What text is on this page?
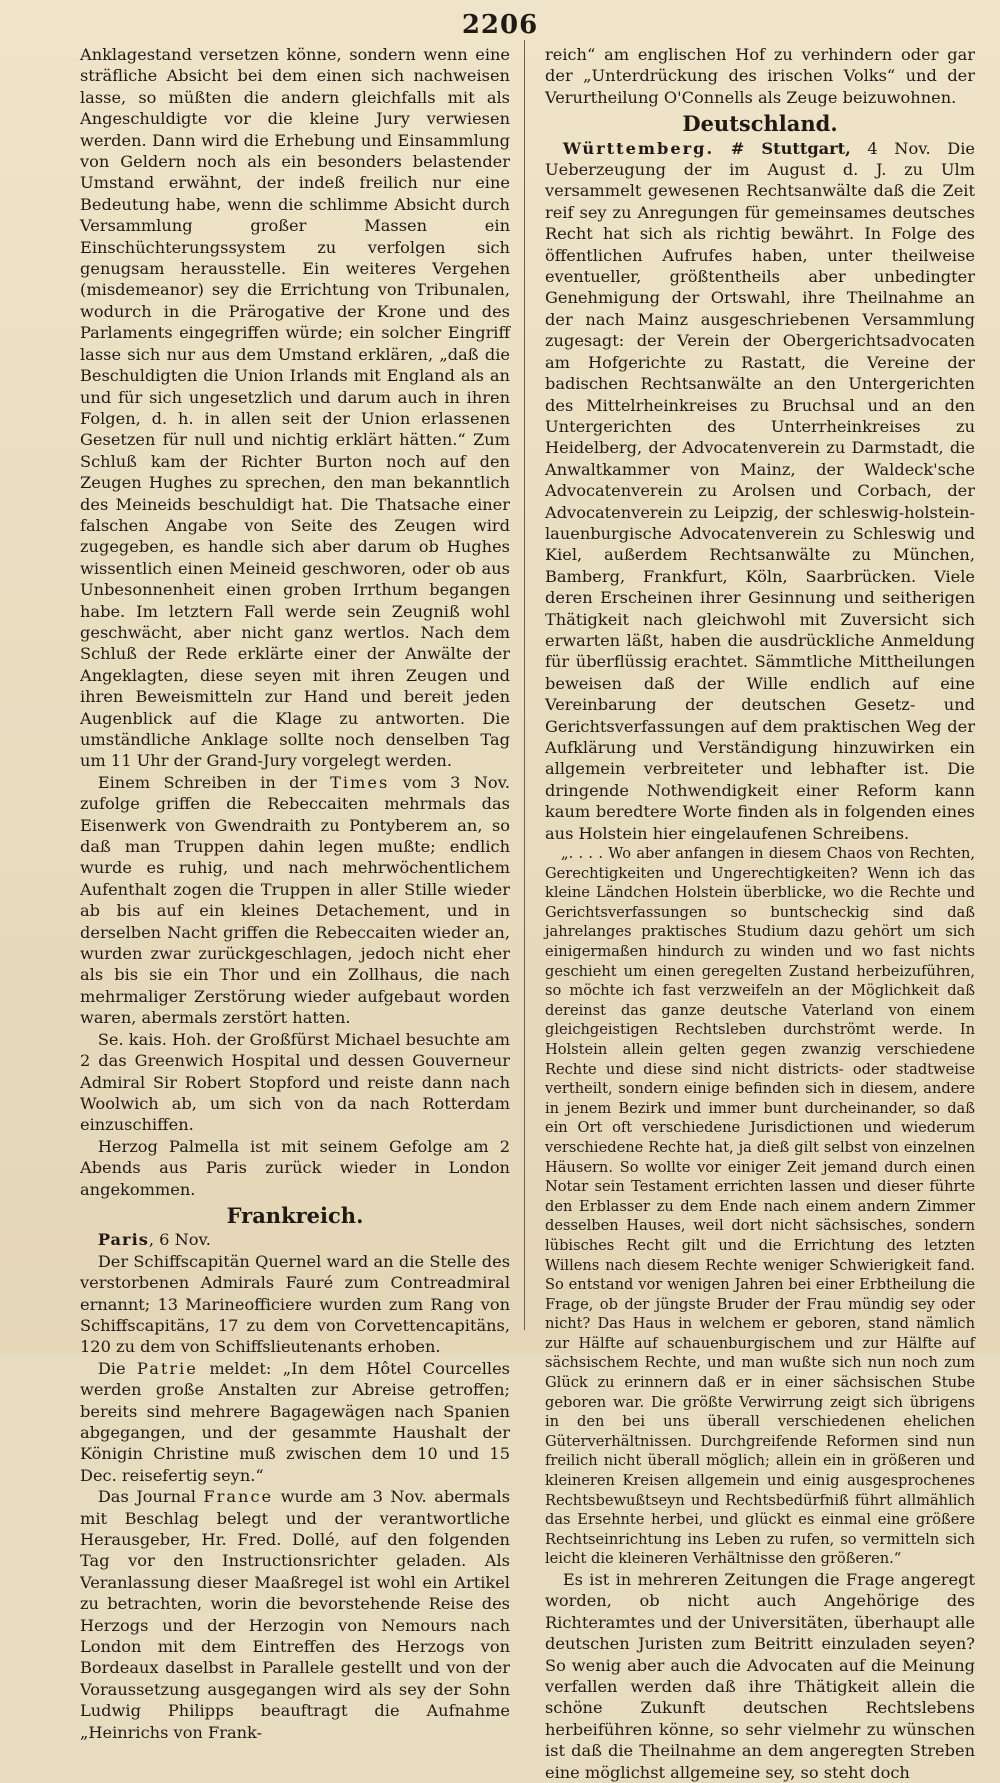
2206

Anklagestand versetzen könne, sondern wenn eine sträfliche Absicht bei dem einen sich nachweisen lasse, so müßten die andern gleichfalls mit als Angeschuldigte vor die kleine Jury verwiesen werden. Dann wird die Erhebung und Einsammlung von Geldern noch als ein besonders belastender Umstand erwähnt, der indeß freilich nur eine Bedeutung habe, wenn die schlimme Absicht durch Versammlung großer Massen ein Einschüchterungssystem zu verfolgen sich genugsam herausstelle. Ein weiteres Vergehen (misdemeanor) sey die Errichtung von Tribunalen, wodurch in die Prärogative der Krone und des Parlaments eingegriffen würde; ein solcher Eingriff lasse sich nur aus dem Umstand erklären, „daß die Beschuldigten die Union Irlands mit England als an und für sich ungesetzlich und darum auch in ihren Folgen, d. h. in allen seit der Union erlassenen Gesetzen für null und nichtig erklärt hätten.“ Zum Schluß kam der Richter Burton noch auf den Zeugen Hughes zu sprechen, den man bekanntlich des Meineids beschuldigt hat. Die Thatsache einer falschen Angabe von Seite des Zeugen wird zugegeben, es handle sich aber darum ob Hughes wissentlich einen Meineid geschworen, oder ob aus Unbesonnenheit einen groben Irrthum begangen habe. Im letztern Fall werde sein Zeugniß wohl geschwächt, aber nicht ganz wertlos. Nach dem Schluß der Rede erklärte einer der Anwälte der Angeklagten, diese seyen mit ihren Zeugen und ihren Beweismitteln zur Hand und bereit jeden Augenblick auf die Klage zu antworten. Die umständliche Anklage sollte noch denselben Tag um 11 Uhr der Grand-Jury vorgelegt werden.

Einem Schreiben in der Times vom 3 Nov. zufolge griffen die Rebeccaiten mehrmals das Eisenwerk von Gwendraith zu Pontyberem an, so daß man Truppen dahin legen mußte; endlich wurde es ruhig, und nach mehrwöchentlichem Aufenthalt zogen die Truppen in aller Stille wieder ab bis auf ein kleines Detachement, und in derselben Nacht griffen die Rebeccaiten wieder an, wurden zwar zurückgeschlagen, jedoch nicht eher als bis sie ein Thor und ein Zollhaus, die nach mehrmaliger Zerstörung wieder aufgebaut worden waren, abermals zerstört hatten.

Se. kais. Hoh. der Großfürst Michael besuchte am 2 das Greenwich Hospital und dessen Gouverneur Admiral Sir Robert Stopford und reiste dann nach Woolwich ab, um sich von da nach Rotterdam einzuschiffen.

Herzog Palmella ist mit seinem Gefolge am 2 Abends aus Paris zurück wieder in London angekommen.

Frankreich.

Paris, 6 Nov.

Der Schiffscapitän Quernel ward an die Stelle des verstorbenen Admirals Fauré zum Contreadmiral ernannt; 13 Marineofficiere wurden zum Rang von Schiffscapitäns, 17 zu dem von Corvettencapitäns, 120 zu dem von Schiffslieutenants erhoben.

Die Patrie meldet: „In dem Hôtel Courcelles werden große Anstalten zur Abreise getroffen; bereits sind mehrere Bagagewägen nach Spanien abgegangen, und der gesammte Haushalt der Königin Christine muß zwischen dem 10 und 15 Dec. reisefertig seyn.“

Das Journal France wurde am 3 Nov. abermals mit Beschlag belegt und der verantwortliche Herausgeber, Hr. Fred. Dollé, auf den folgenden Tag vor den Instructionsrichter geladen. Als Veranlassung dieser Maaßregel ist wohl ein Artikel zu betrachten, worin die bevorstehende Reise des Herzogs und der Herzogin von Nemours nach London mit dem Eintreffen des Herzogs von Bordeaux daselbst in Parallele gestellt und von der Voraussetzung ausgegangen wird als sey der Sohn Ludwig Philipps beauftragt die Aufnahme „Heinrichs von Frank-

reich“ am englischen Hof zu verhindern oder gar der „Unterdrückung des irischen Volks“ und der Verurtheilung O'Connells als Zeuge beizuwohnen.

Deutschland.

Württemberg. # Stuttgart, 4 Nov. Die Ueberzeugung der im August d. J. zu Ulm versammelt gewesenen Rechtsanwälte daß die Zeit reif sey zu Anregungen für gemeinsames deutsches Recht hat sich als richtig bewährt. In Folge des öffentlichen Aufrufes haben, unter theilweise eventueller, größtentheils aber unbedingter Genehmigung der Ortswahl, ihre Theilnahme an der nach Mainz ausgeschriebenen Versammlung zugesagt: der Verein der Obergerichtsadvocaten am Hofgerichte zu Rastatt, die Vereine der badischen Rechtsanwälte an den Untergerichten des Mittelrheinkreises zu Bruchsal und an den Untergerichten des Unterrheinkreises zu Heidelberg, der Advocatenverein zu Darmstadt, die Anwaltkammer von Mainz, der Waldeck'sche Advocatenverein zu Arolsen und Corbach, der Advocatenverein zu Leipzig, der schleswig-holstein-lauenburgische Advocatenverein zu Schleswig und Kiel, außerdem Rechtsanwälte zu München, Bamberg, Frankfurt, Köln, Saarbrücken. Viele deren Erscheinen ihrer Gesinnung und seitherigen Thätigkeit nach gleichwohl mit Zuversicht sich erwarten läßt, haben die ausdrückliche Anmeldung für überflüssig erachtet. Sämmtliche Mittheilungen beweisen daß der Wille endlich auf eine Vereinbarung der deutschen Gesetz- und Gerichtsverfassungen auf dem praktischen Weg der Aufklärung und Verständigung hinzuwirken ein allgemein verbreiteter und lebhafter ist. Die dringende Nothwendigkeit einer Reform kann kaum beredtere Worte finden als in folgenden eines aus Holstein hier eingelaufenen Schreibens.

„. . . . Wo aber anfangen in diesem Chaos von Rechten, Gerechtigkeiten und Ungerechtigkeiten? Wenn ich das kleine Ländchen Holstein überblicke, wo die Rechte und Gerichtsverfassungen so buntscheckig sind daß jahrelanges praktisches Studium dazu gehört um sich einigermaßen hindurch zu winden und wo fast nichts geschieht um einen geregelten Zustand herbeizuführen, so möchte ich fast verzweifeln an der Möglichkeit daß dereinst das ganze deutsche Vaterland von einem gleichgeistigen Rechtsleben durchströmt werde. In Holstein allein gelten gegen zwanzig verschiedene Rechte und diese sind nicht districts- oder stadtweise vertheilt, sondern einige befinden sich in diesem, andere in jenem Bezirk und immer bunt durcheinander, so daß ein Ort oft verschiedene Jurisdictionen und wiederum verschiedene Rechte hat, ja dieß gilt selbst von einzelnen Häusern. So wollte vor einiger Zeit jemand durch einen Notar sein Testament errichten lassen und dieser führte den Erblasser zu dem Ende nach einem andern Zimmer desselben Hauses, weil dort nicht sächsisches, sondern lübisches Recht gilt und die Errichtung des letzten Willens nach diesem Rechte weniger Schwierigkeit fand. So entstand vor wenigen Jahren bei einer Erbtheilung die Frage, ob der jüngste Bruder der Frau mündig sey oder nicht? Das Haus in welchem er geboren, stand nämlich zur Hälfte auf schauenburgischem und zur Hälfte auf sächsischem Rechte, und man wußte sich nun noch zum Glück zu erinnern daß er in einer sächsischen Stube geboren war. Die größte Verwirrung zeigt sich übrigens in den bei uns überall verschiedenen ehelichen Güterverhältnissen. Durchgreifende Reformen sind nun freilich nicht überall möglich; allein ein in größeren und kleineren Kreisen allgemein und einig ausgesprochenes Rechtsbewußtseyn und Rechtsbedürfniß führt allmählich das Ersehnte herbei, und glückt es einmal eine größere Rechtseinrichtung ins Leben zu rufen, so vermitteln sich leicht die kleineren Verhältnisse den größeren.“

Es ist in mehreren Zeitungen die Frage angeregt worden, ob nicht auch Angehörige des Richteramtes und der Universitäten, überhaupt alle deutschen Juristen zum Beitritt einzuladen seyen? So wenig aber auch die Advocaten auf die Meinung verfallen werden daß ihre Thätigkeit allein die schöne Zukunft deutschen Rechtslebens herbeiführen könne, so sehr vielmehr zu wünschen ist daß die Theilnahme an dem angeregten Streben eine möglichst allgemeine sey, so steht doch
